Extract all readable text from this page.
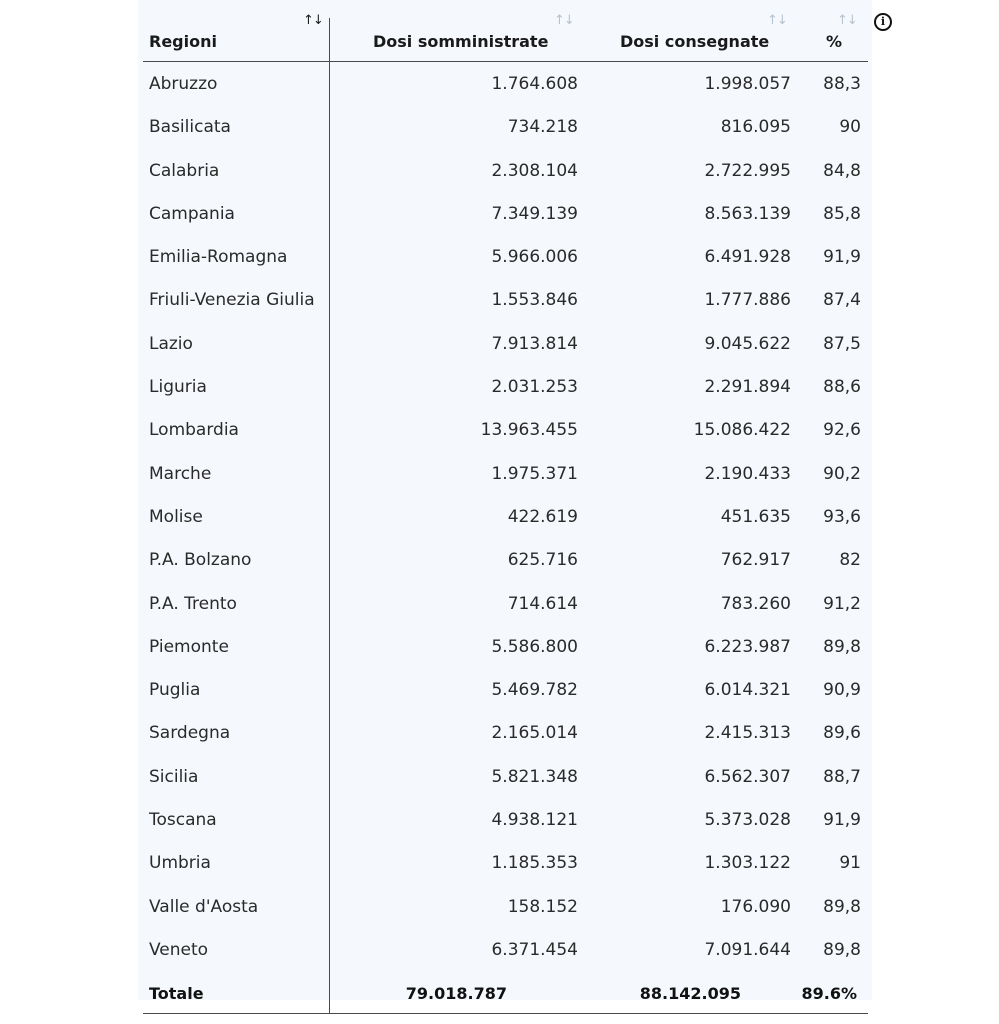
↑↓	↑↓	↑↓	↑↓
Regioni	Dosi somministrate	Dosi consegnate	%
Abruzzo	1.764.608	1.998.057 88,3
Basilicata	734.218	816.095	90
Calabria	2.308.104	2.722.995 84,8
Campania	7.349.139	8.563.139 85,8
Emilia-Romagna	5.966.006	6.491.928 91,9
Friuli-Venezia Giulia	1.553.846	1.777.886 87,4
Lazio	7.913.814	9.045.622 87,5
Liguria	2.031.253	2.291.894 88,6
Lombardia	13.963.455	15.086.422 92,6
Marche	1.975.371	2.190.433 90,2
Molise	422.619	451.635 93,6
P.A. Bolzano	625.716	762.917	82
P.A. Trento	714.614	783.260 91,2
Piemonte	5.586.800	6.223.987 89,8
Puglia	5.469.782	6.014.321 90,9
Sardegna	2.165.014	2.415.313 89,6
Sicilia	5.821.348	6.562.307 88,7
Toscana	4.938.121	5.373.028 91,9
Umbria	1.185.353	1.303.122	91
Valle d'Aosta	158.152	176.090 89,8
Veneto	6.371.454	7.091.644 89,8
Totale	79.018.787	88.142.095	89.6%
i
